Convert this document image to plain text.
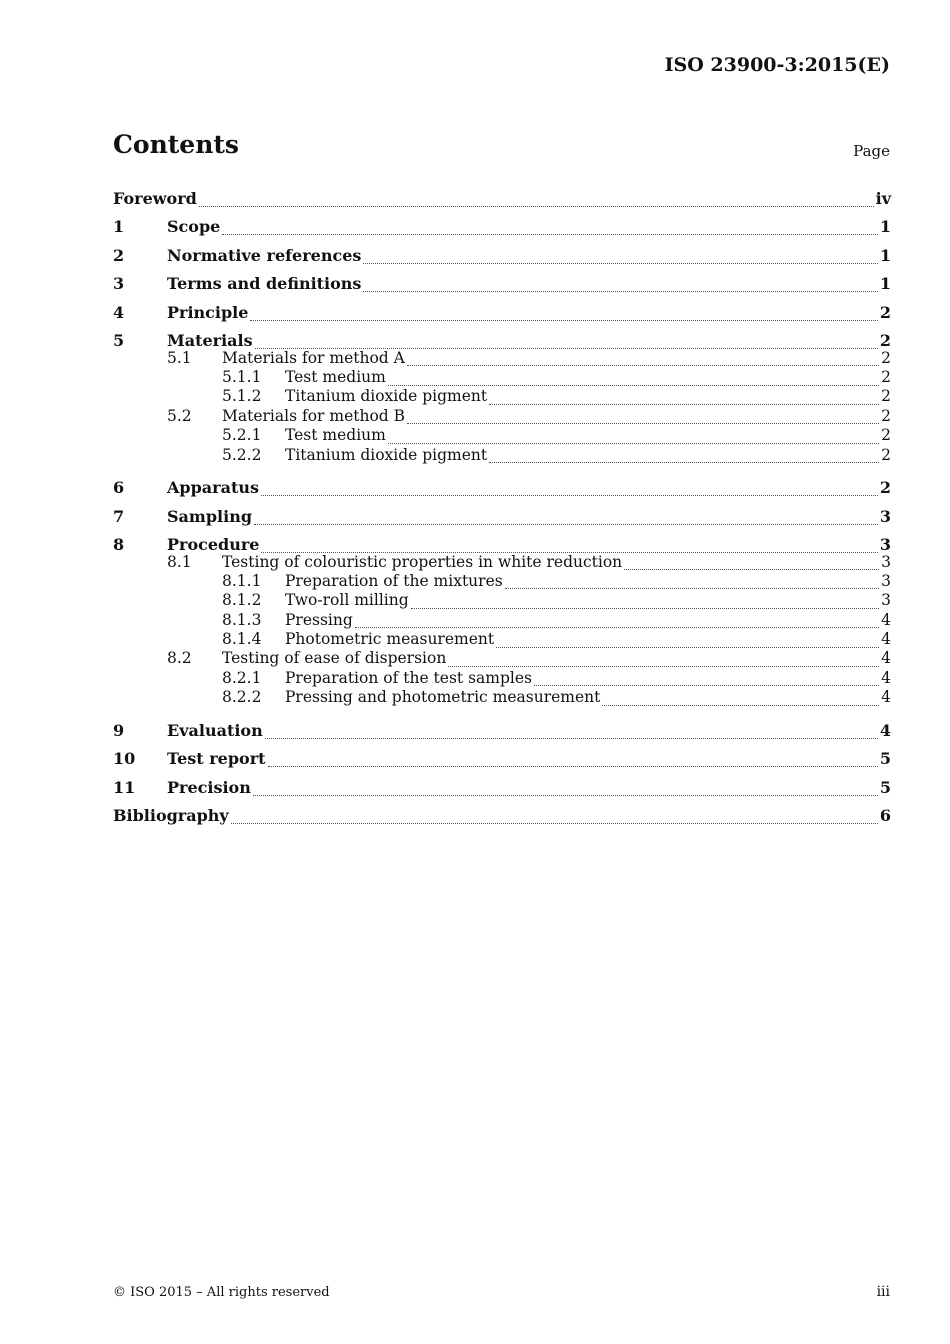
ISO 23900-3:2015(E)
Contents	Page
Foreword	iv
1	Scope	1
2	Normative references	1
3	Terms and definitions	1
4	Principle	2
5	Materials	2
5.1	Materials for method A	2
5.1.1	Test medium	2
5.1.2	Titanium dioxide pigment	2
5.2	Materials for method B	2
5.2.1	Test medium	2
5.2.2	Titanium dioxide pigment	2
6	Apparatus	2
7	Sampling	3
8	Procedure	3
8.1	Testing of colouristic properties in white reduction	3
8.1.1	Preparation of the mixtures	3
8.1.2	Two-roll milling	3
8.1.3	Pressing	4
8.1.4	Photometric measurement	4
8.2	Testing of ease of dispersion	4
8.2.1	Preparation of the test samples	4
8.2.2	Pressing and photometric measurement	4
9	Evaluation	4
10	Test report	5
11	Precision	5
Bibliography	6
© ISO 2015 – All rights reserved	iii
